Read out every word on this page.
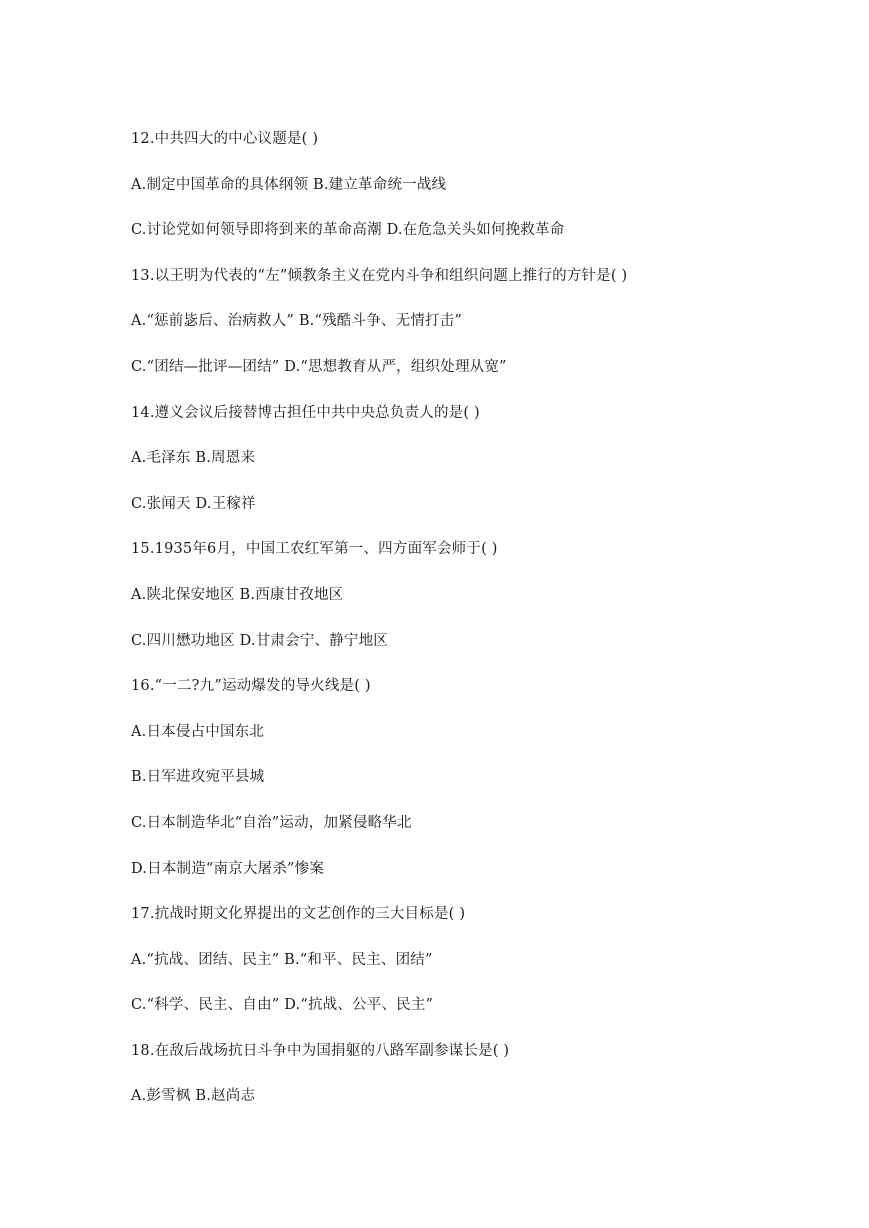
12.中共四大的中心议题是( )
A.制定中国革命的具体纲领 B.建立革命统一战线
C.讨论党如何领导即将到来的革命高潮 D.在危急关头如何挽救革命
13.以王明为代表的“左”倾教条主义在党内斗争和组织问题上推行的方针是( )
A.“惩前毖后、治病救人” B.“残酷斗争、无情打击”
C.“团结—批评—团结” D.“思想教育从严，组织处理从宽”
14.遵义会议后接替博古担任中共中央总负责人的是( )
A.毛泽东 B.周恩来
C.张闻天 D.王稼祥
15.1935年6月，中国工农红军第一、四方面军会师于( )
A.陕北保安地区 B.西康甘孜地区
C.四川懋功地区 D.甘肃会宁、静宁地区
16.“一二?九”运动爆发的导火线是( )
A.日本侵占中国东北
B.日军进攻宛平县城
C.日本制造华北“自治”运动，加紧侵略华北
D.日本制造“南京大屠杀”惨案
17.抗战时期文化界提出的文艺创作的三大目标是( )
A.“抗战、团结、民主” B.“和平、民主、团结”
C.“科学、民主、自由” D.“抗战、公平、民主”
18.在敌后战场抗日斗争中为国捐躯的八路军副参谋长是( )
A.彭雪枫 B.赵尚志
